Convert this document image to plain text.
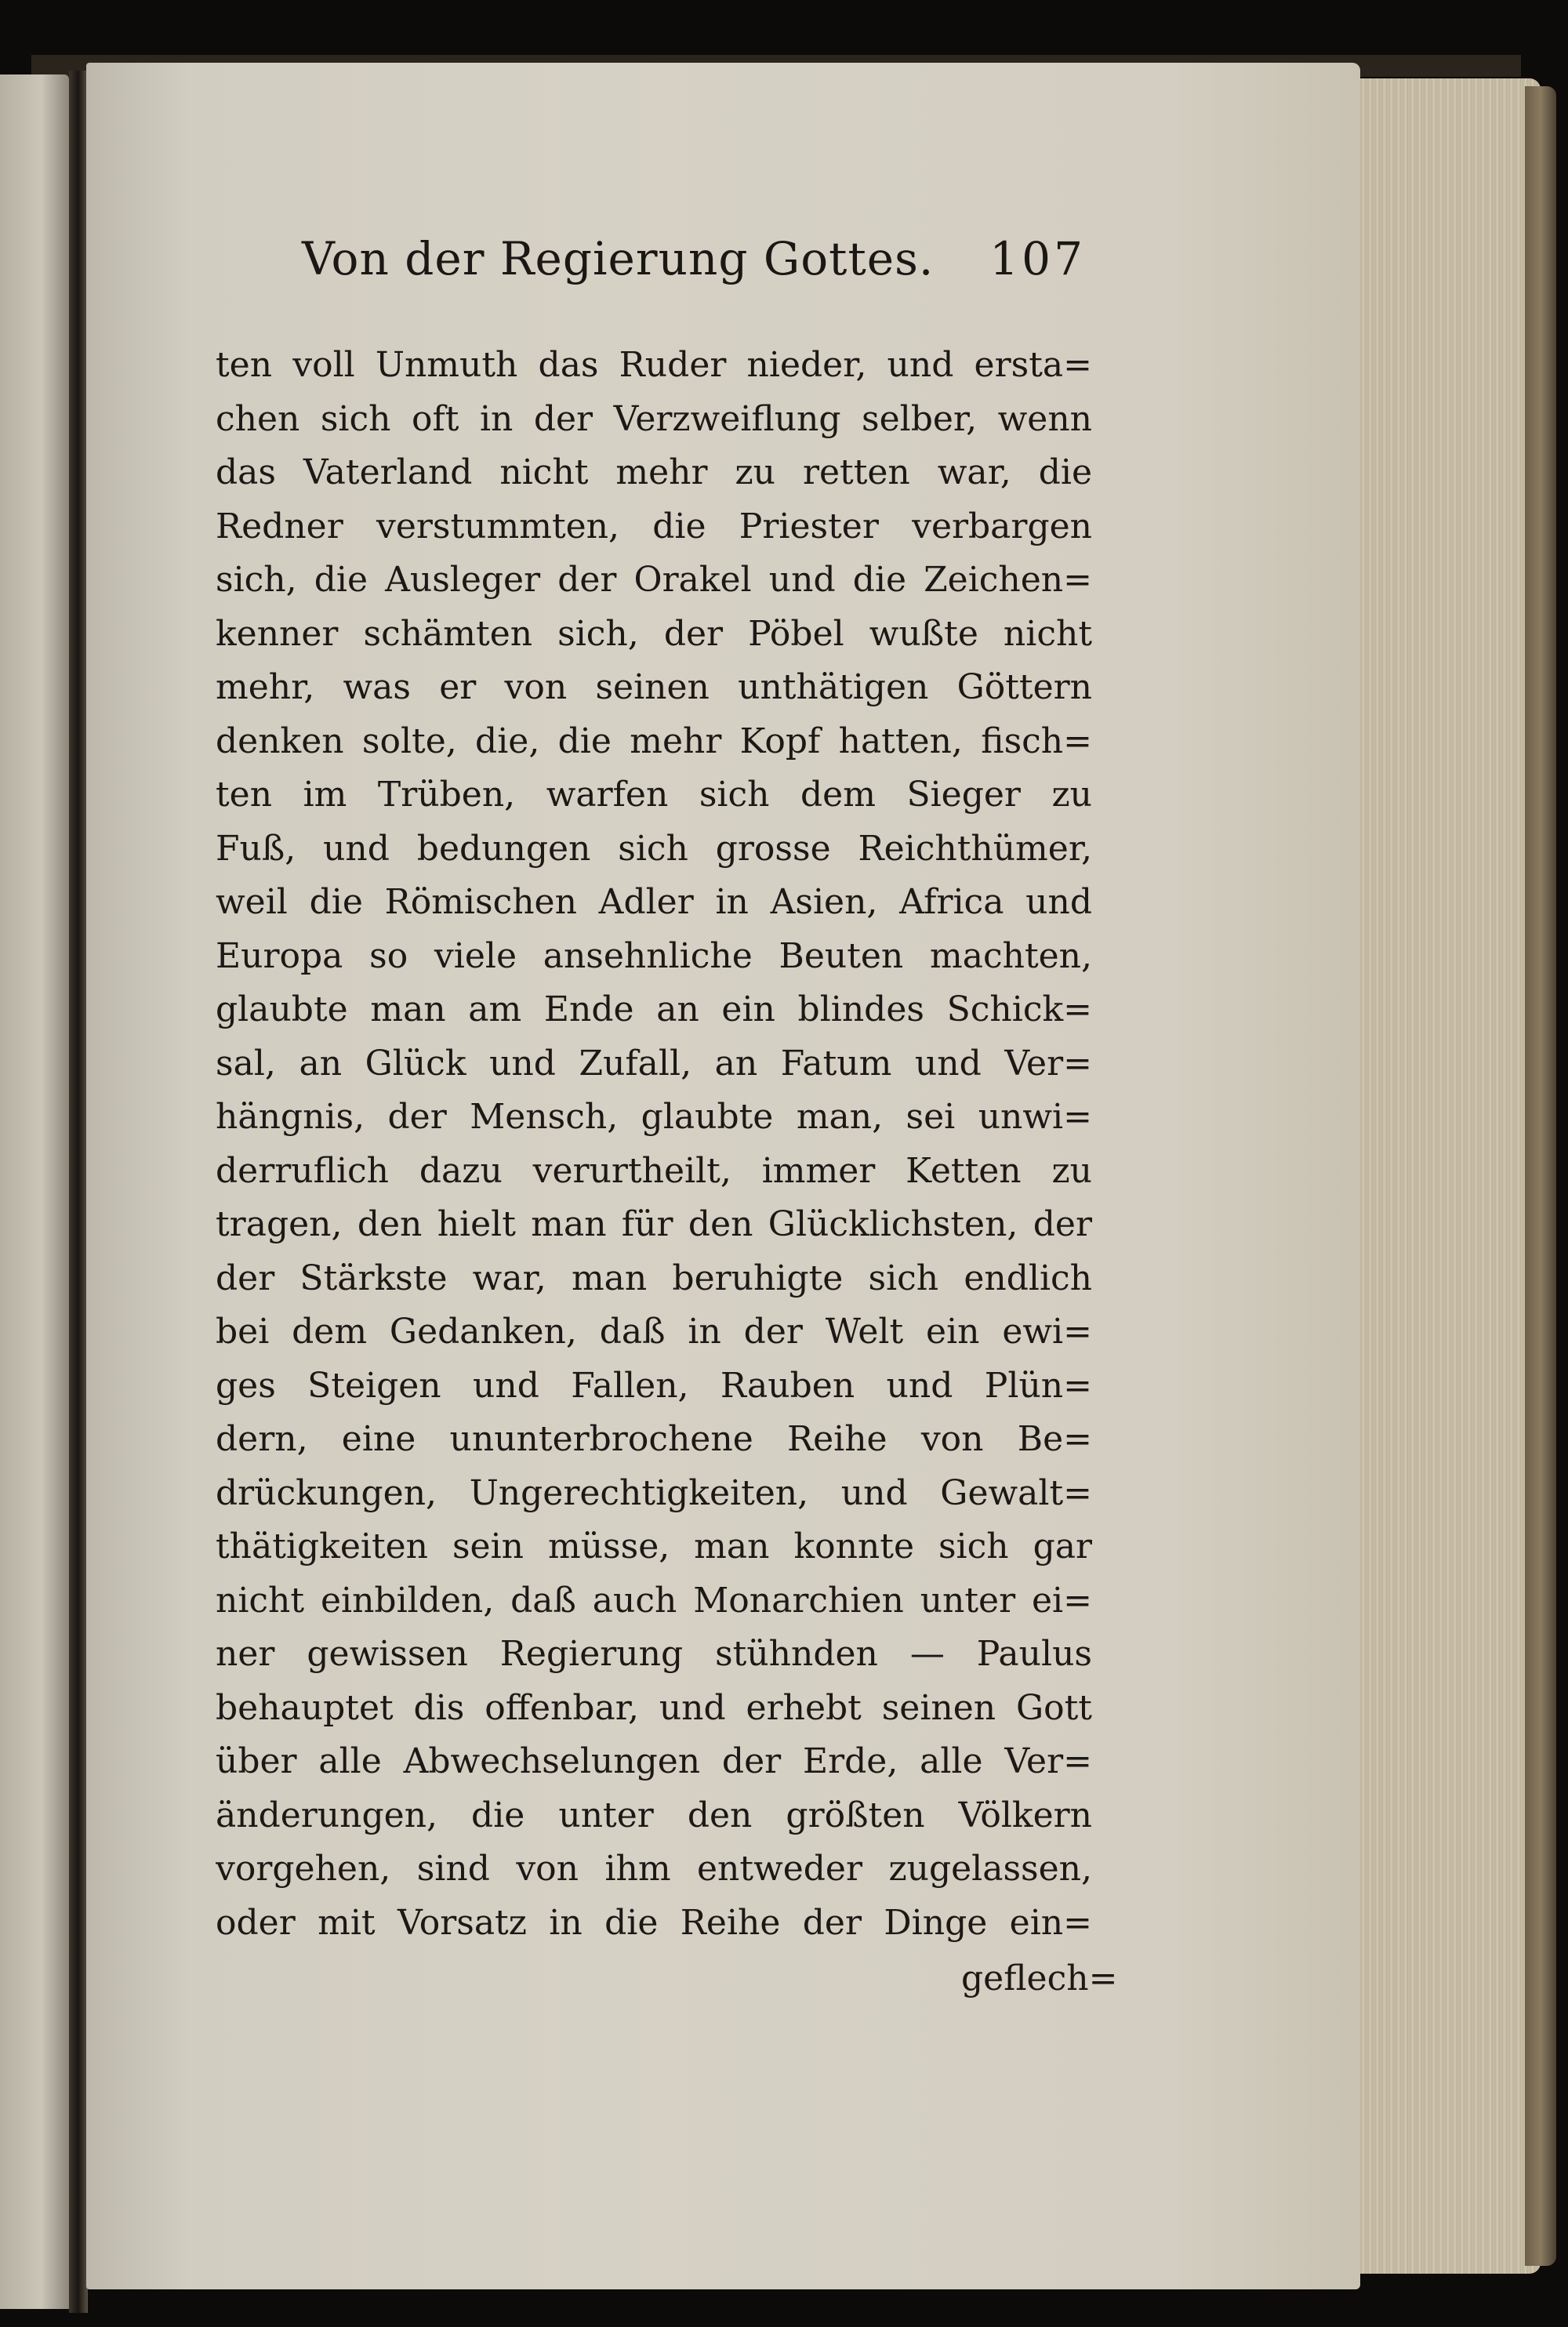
Von der Regierung Gottes. 107
ten voll Unmuth das Ruder nieder, und ersta=
chen sich oft in der Verzweiflung selber, wenn
das Vaterland nicht mehr zu retten war, die
Redner verstummten, die Priester verbargen
sich, die Ausleger der Orakel und die Zeichen=
kenner schämten sich, der Pöbel wußte nicht
mehr, was er von seinen unthätigen Göttern
denken solte, die, die mehr Kopf hatten, fisch=
ten im Trüben, warfen sich dem Sieger zu
Fuß, und bedungen sich grosse Reichthümer,
weil die Römischen Adler in Asien, Africa und
Europa so viele ansehnliche Beuten machten,
glaubte man am Ende an ein blindes Schick=
sal, an Glück und Zufall, an Fatum und Ver=
hängnis, der Mensch, glaubte man, sei unwi=
derruflich dazu verurtheilt, immer Ketten zu
tragen, den hielt man für den Glücklichsten, der
der Stärkste war, man beruhigte sich endlich
bei dem Gedanken, daß in der Welt ein ewi=
ges Steigen und Fallen, Rauben und Plün=
dern, eine ununterbrochene Reihe von Be=
drückungen, Ungerechtigkeiten, und Gewalt=
thätigkeiten sein müsse, man konnte sich gar
nicht einbilden, daß auch Monarchien unter ei=
ner gewissen Regierung stühnden — Paulus
behauptet dis offenbar, und erhebt seinen Gott
über alle Abwechselungen der Erde, alle Ver=
änderungen, die unter den größten Völkern
vorgehen, sind von ihm entweder zugelassen,
oder mit Vorsatz in die Reihe der Dinge ein=
geflech=
